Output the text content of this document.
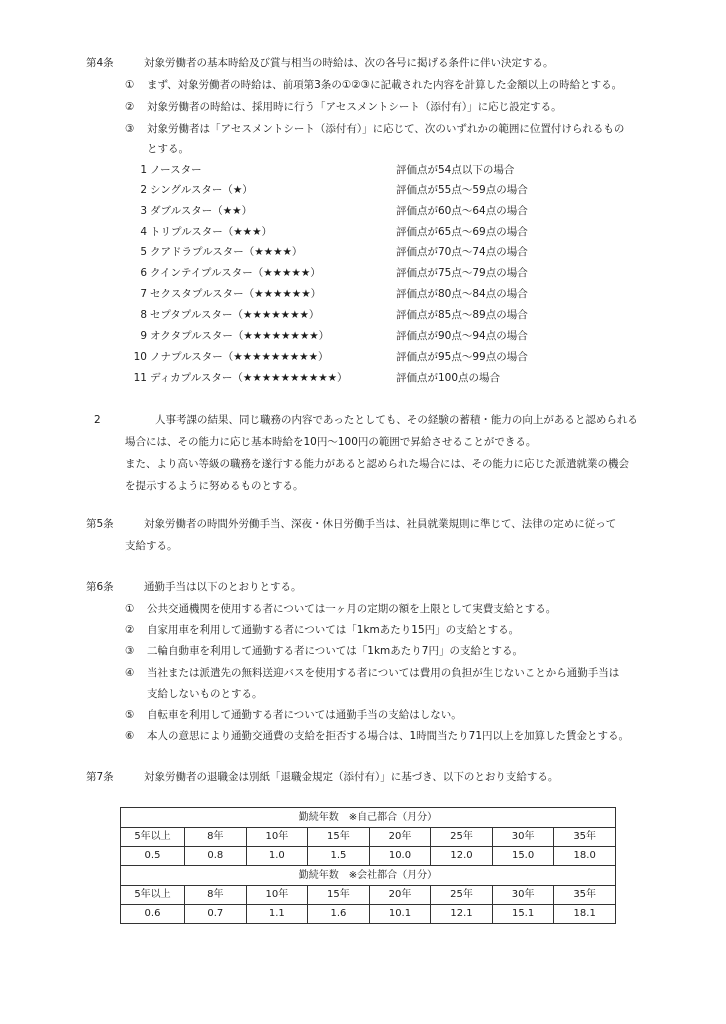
第4条	対象労働者の基本時給及び賞与相当の時給は、次の各号に掲げる条件に伴い決定する。
① まず、対象労働者の時給は、前項第3条の①②③に記載された内容を計算した金額以上の時給とする。
② 対象労働者の時給は、採用時に行う「アセスメントシート（添付有）」に応じ設定する。
③ 対象労働者は「アセスメントシート（添付有）」に応じて、次のいずれかの範囲に位置付けられるもの
とする。
1 ノースター	評価点が54点以下の場合
2 シングルスター（★）	評価点が55点～59点の場合
3 ダブルスター（★★）	評価点が60点～64点の場合
4 トリプルスター（★★★）	評価点が65点～69点の場合
5 クアドラプルスター（★★★★）	評価点が70点～74点の場合
6 クインテイプルスター（★★★★★）	評価点が75点～79点の場合
7 セクスタプルスター（★★★★★★）	評価点が80点～84点の場合
8 セプタプルスター（★★★★★★★）	評価点が85点～89点の場合
9 オクタプルスター（★★★★★★★★）	評価点が90点～94点の場合
10 ノナプルスター（★★★★★★★★★）	評価点が95点～99点の場合
11 ディカプルスター（★★★★★★★★★★）	評価点が100点の場合
2	人事考課の結果、同じ職務の内容であったとしても、その経験の蓄積・能力の向上があると認められる
場合には、その能力に応じ基本時給を10円～100円の範囲で昇給させることができる。
また、より高い等級の職務を遂行する能力があると認められた場合には、その能力に応じた派遣就業の機会
を提示するように努めるものとする。
第5条	対象労働者の時間外労働手当、深夜・休日労働手当は、社員就業規則に準じて、法律の定めに従って
支給する。
第6条	通勤手当は以下のとおりとする。
① 公共交通機関を使用する者については一ヶ月の定期の額を上限として実費支給とする。
② 自家用車を利用して通勤する者については「1kmあたり15円」の支給とする。
③ 二輪自動車を利用して通勤する者については「1kmあたり7円」の支給とする。
④ 当社または派遣先の無料送迎バスを使用する者については費用の負担が生じないことから通勤手当は
支給しないものとする。
⑤ 自転車を利用して通勤する者については通勤手当の支給はしない。
⑥ 本人の意思により通勤交通費の支給を拒否する場合は、1時間当たり71円以上を加算した賃金とする。
第7条	対象労働者の退職金は別紙「退職金規定（添付有）」に基づき、以下のとおり支給する。
勤続年数　※自己都合（月分）							
5年以上	8年	10年	15年	20年	25年	30年	35年
0.5	0.8	1.0	1.5	10.0	12.0	15.0	18.0
勤続年数　※会社都合（月分）							
5年以上	8年	10年	15年	20年	25年	30年	35年
0.6	0.7	1.1	1.6	10.1	12.1	15.1	18.1
